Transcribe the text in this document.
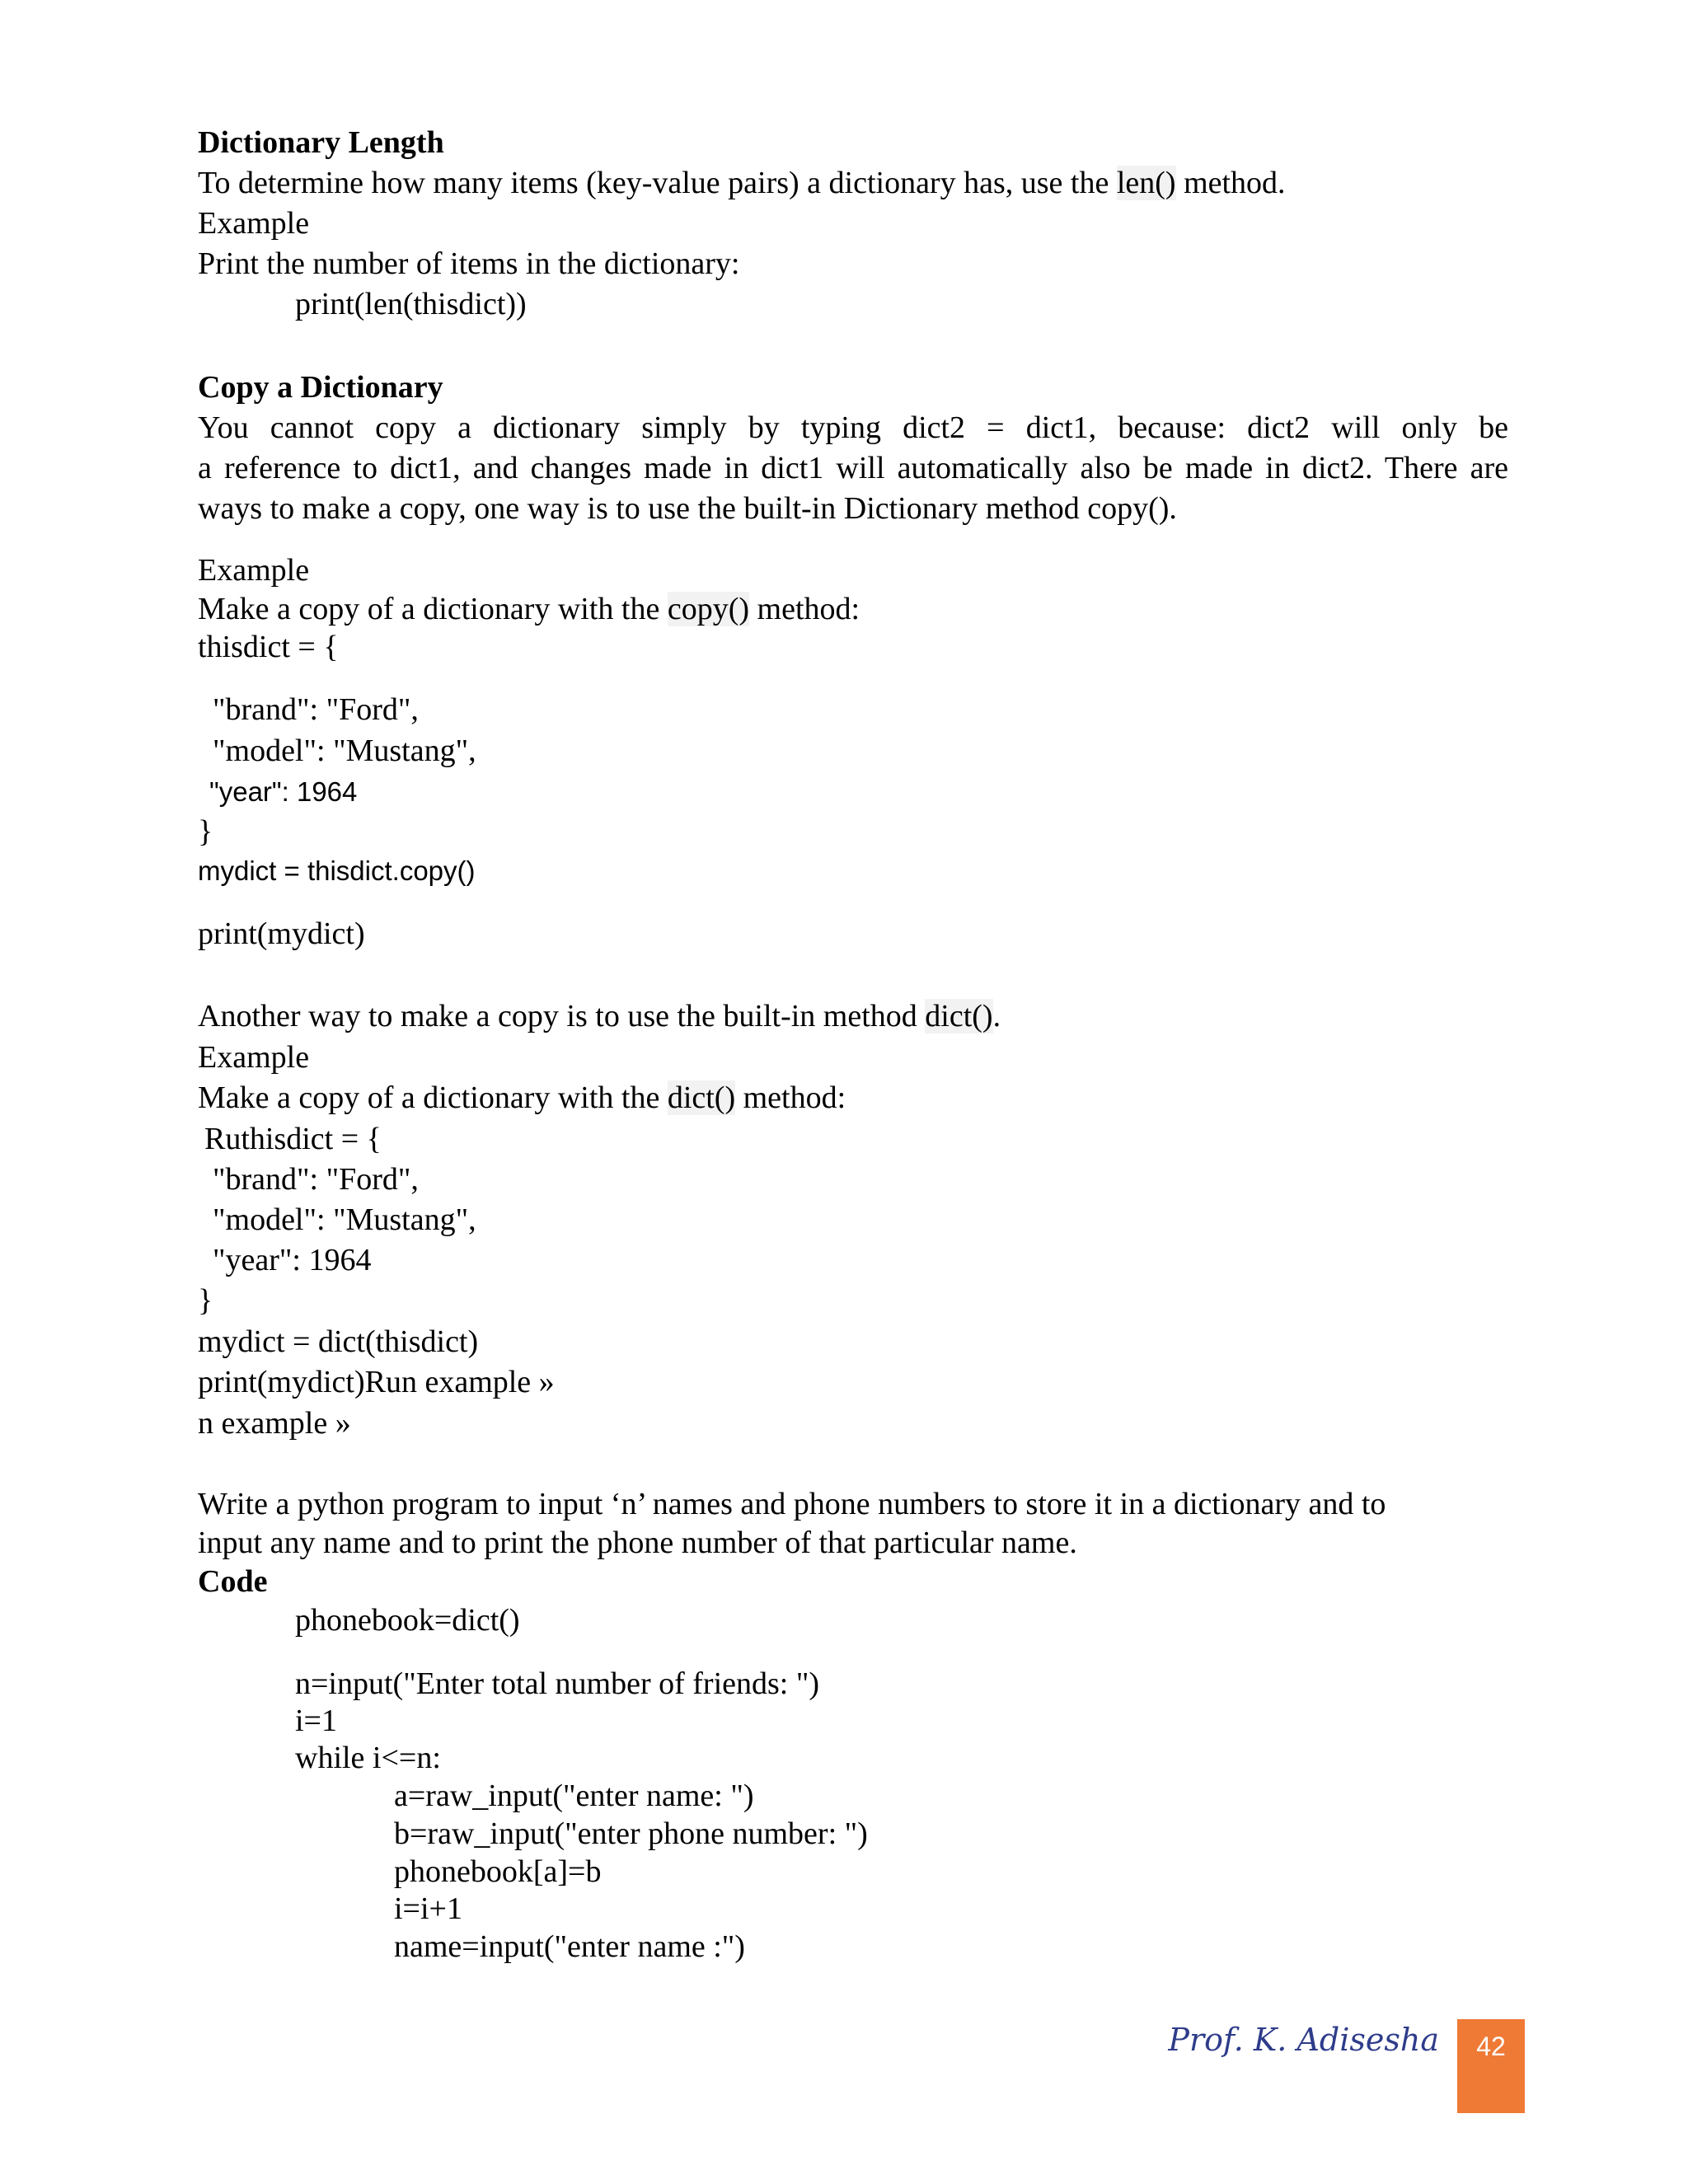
Dictionary Length
To determine how many items (key-value pairs) a dictionary has, use the len() method.
Example
Print the number of items in the dictionary:
print(len(thisdict))
Copy a Dictionary
You cannot copy a dictionary simply by typing dict2 = dict1, because: dict2 will only be
a reference to dict1, and changes made in dict1 will automatically also be made in dict2. There are
ways to make a copy, one way is to use the built-in Dictionary method copy().
Example
Make a copy of a dictionary with the copy() method:
thisdict = {
"brand": "Ford",
"model": "Mustang",
"year": 1964
}
mydict = thisdict.copy()
print(mydict)
Another way to make a copy is to use the built-in method dict().
Example
Make a copy of a dictionary with the dict() method:
Ruthisdict = {
"brand": "Ford",
"model": "Mustang",
"year": 1964
}
mydict = dict(thisdict)
print(mydict)Run example »
n example »
Write a python program to input ‘n’ names and phone numbers to store it in a dictionary and to
input any name and to print the phone number of that particular name.
Code
phonebook=dict()
n=input("Enter total number of friends: ")
i=1
while i<=n:
a=raw_input("enter name: ")
b=raw_input("enter phone number: ")
phonebook[a]=b
i=i+1
name=input("enter name :")
Prof. K. Adisesha	42
